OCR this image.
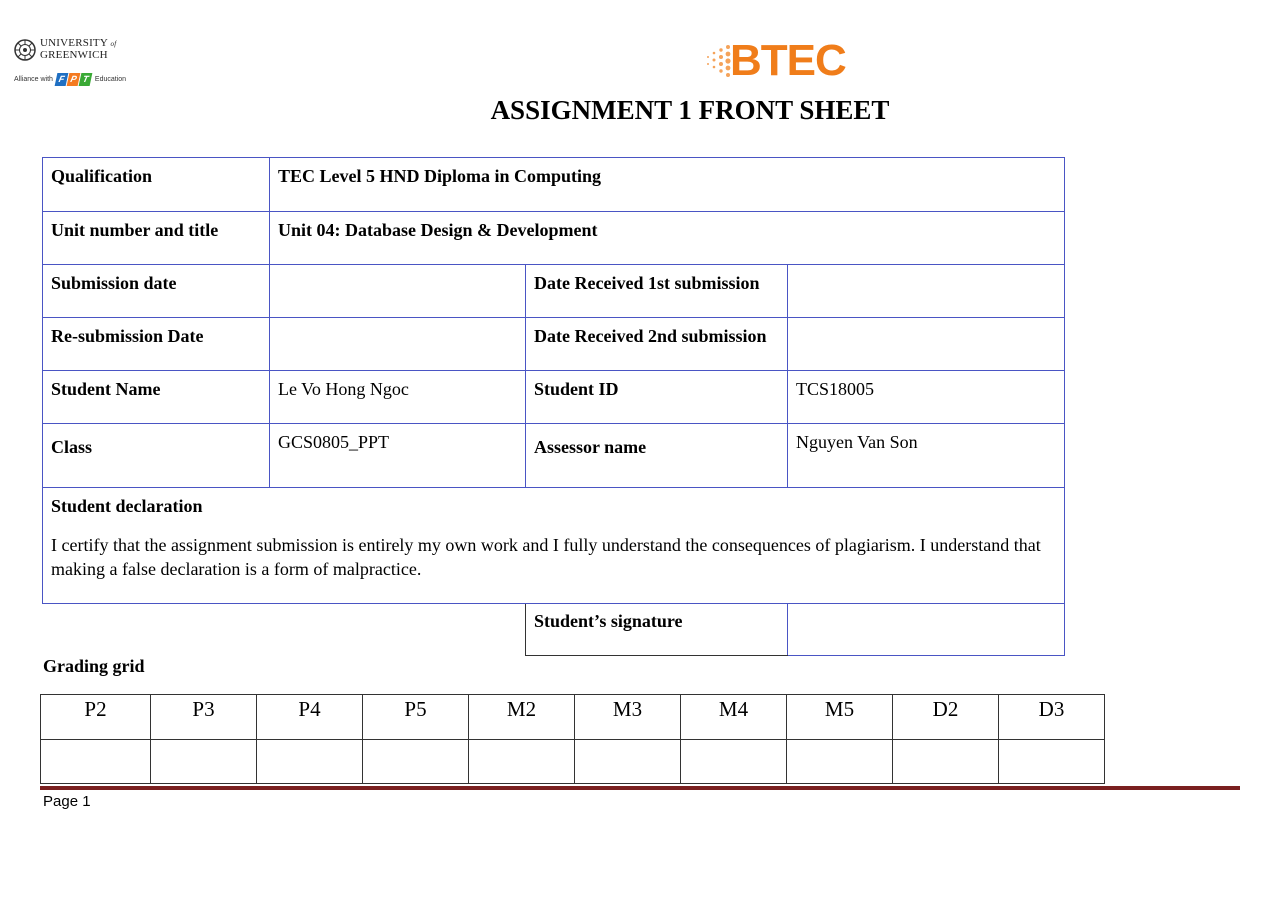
UNIVERSITY of
GREENWICH
Alliance with F P T Education	BTEC
ASSIGNMENT 1 FRONT SHEET
Qualification	TEC Level 5 HND Diploma in Computing		
Unit number and title	Unit 04: Database Design & Development		
Submission date		Date Received 1st submission	
Re-submission Date		Date Received 2nd submission	
Student Name	Le Vo Hong Ngoc	Student ID	TCS18005
Class	GCS0805_PPT	Assessor name	Nguyen Van Son

Student declaration
I certify that the assignment submission is entirely my own work and I fully understand the consequences of plagiarism. I understand that making a false declaration is a form of malpractice.			
Student’s signature	
Grading grid
P2	P3	P4	P5	M2	M3	M4	M5	D2	D3

Page 1
